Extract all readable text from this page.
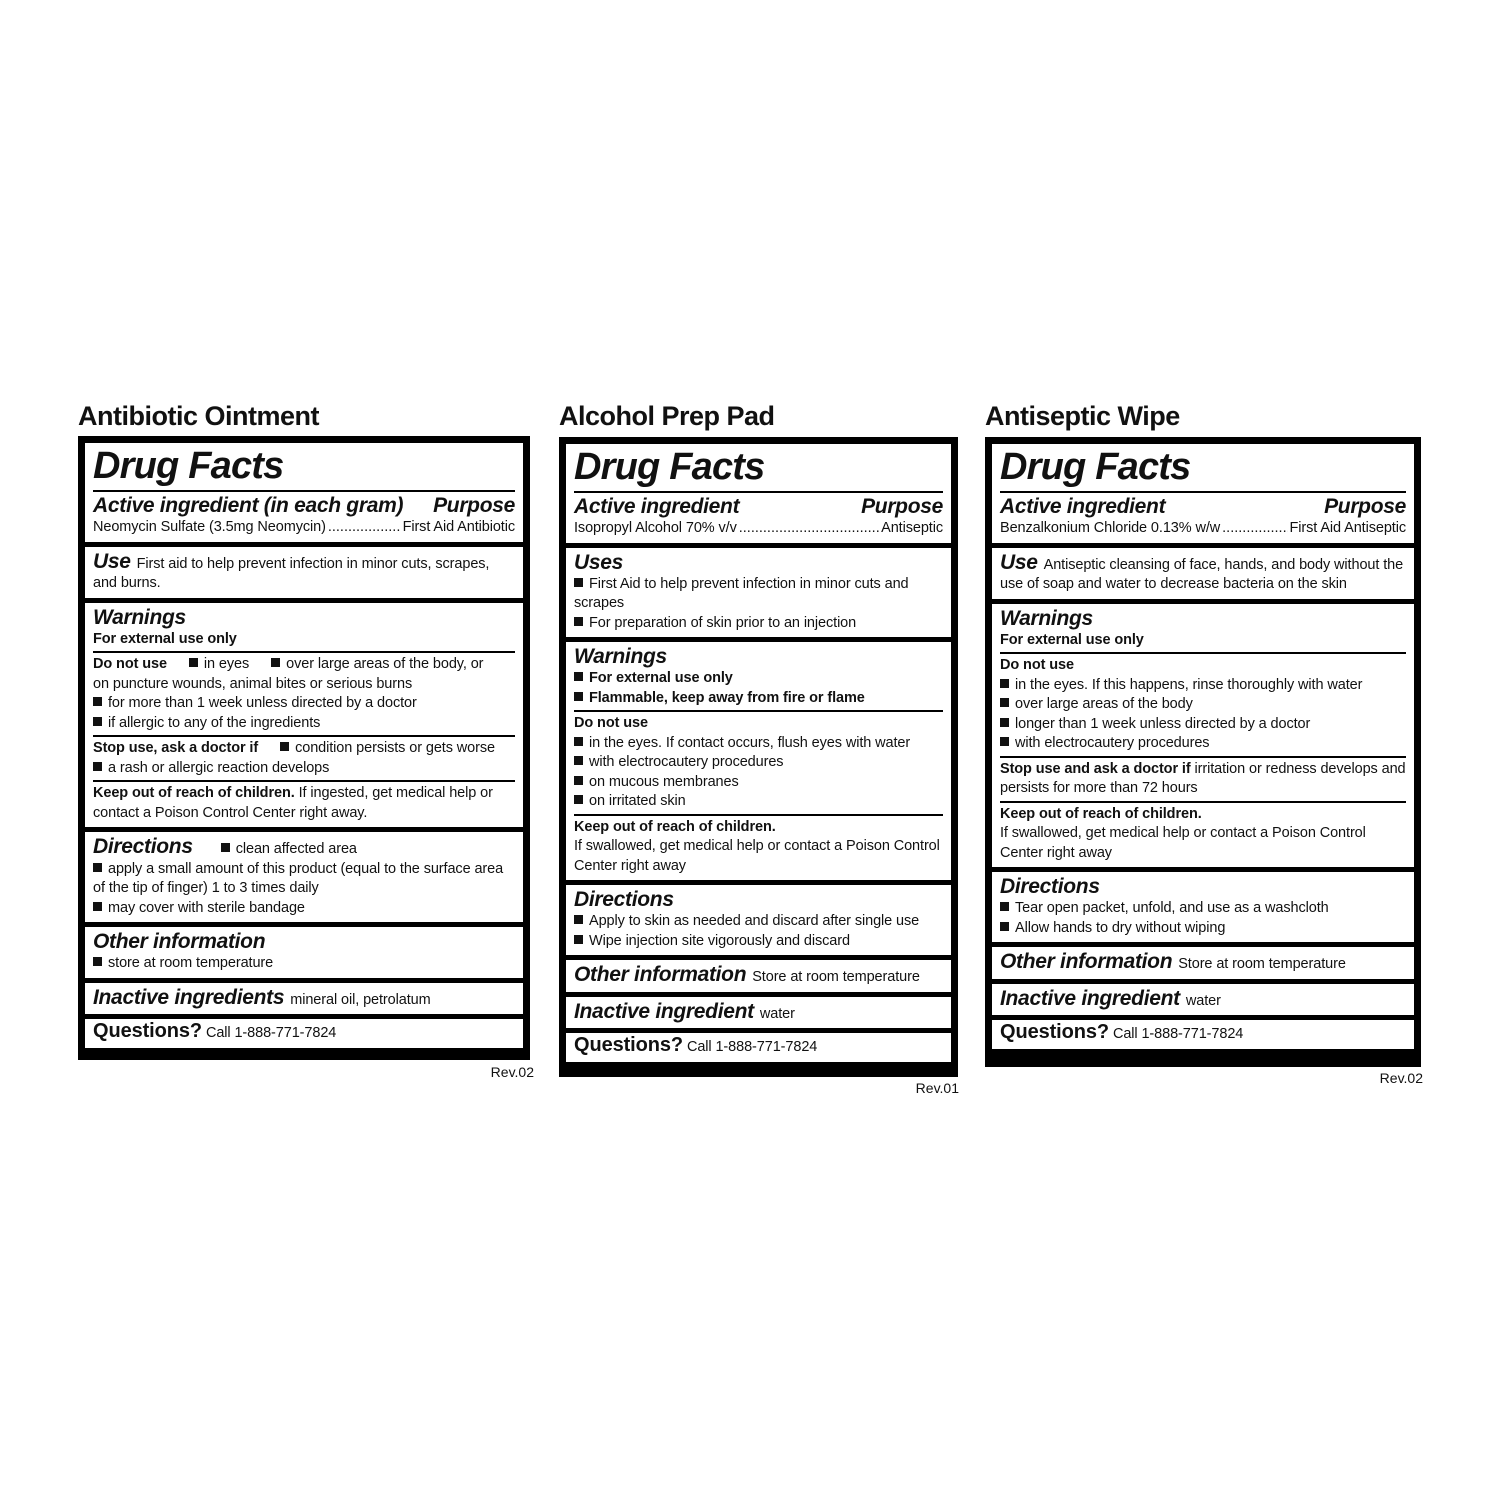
Antibiotic Ointment
Drug Facts
Active ingredient (in each gram) Purpose
Neomycin Sulfate (3.5mg Neomycin) .....	First Aid Antibiotic
Use First aid to help prevent infection in minor cuts, scrapes, and burns.
Warnings
For external use only
Do not use	in eyes	over large areas of the body, or
on puncture wounds, animal bites or serious burns
for more than 1 week unless directed by a doctor
if allergic to any of the ingredients
Stop use, ask a doctor if	condition persists or gets worse
a rash or allergic reaction develops
Keep out of reach of children. If ingested, get medical help or contact a Poison Control Center right away.
Directions	clean affected area
apply a small amount of this product (equal to the surface area of the tip of finger) 1 to 3 times daily
may cover with sterile bandage
Other information
store at room temperature
Inactive ingredients mineral oil, petrolatum
Questions? Call 1-888-771-7824
Rev.02
Alcohol Prep Pad
Drug Facts
Active ingredient	Purpose
Isopropyl Alcohol 70% v/v .....	Antiseptic
Uses
First Aid to help prevent infection in minor cuts and scrapes
For preparation of skin prior to an injection
Warnings
For external use only
Flammable, keep away from fire or flame
Do not use
in the eyes. If contact occurs, flush eyes with water
with electrocautery procedures
on mucous membranes
on irritated skin
Keep out of reach of children.
If swallowed, get medical help or contact a Poison Control Center right away
Directions
Apply to skin as needed and discard after single use
Wipe injection site vigorously and discard
Other information Store at room temperature
Inactive ingredient water
Questions? Call 1-888-771-7824
Rev.01
Antiseptic Wipe
Drug Facts
Active ingredient	Purpose
Benzalkonium Chloride 0.13% w/w .....	First Aid Antiseptic
Use Antiseptic cleansing of face, hands, and body without the use of soap and water to decrease bacteria on the skin
Warnings
For external use only
Do not use
in the eyes. If this happens, rinse thoroughly with water
over large areas of the body
longer than 1 week unless directed by a doctor
with electrocautery procedures
Stop use and ask a doctor if irritation or redness develops and persists for more than 72 hours
Keep out of reach of children.
If swallowed, get medical help or contact a Poison Control Center right away
Directions
Tear open packet, unfold, and use as a washcloth
Allow hands to dry without wiping
Other information Store at room temperature
Inactive ingredient water
Questions? Call 1-888-771-7824
Rev.02
